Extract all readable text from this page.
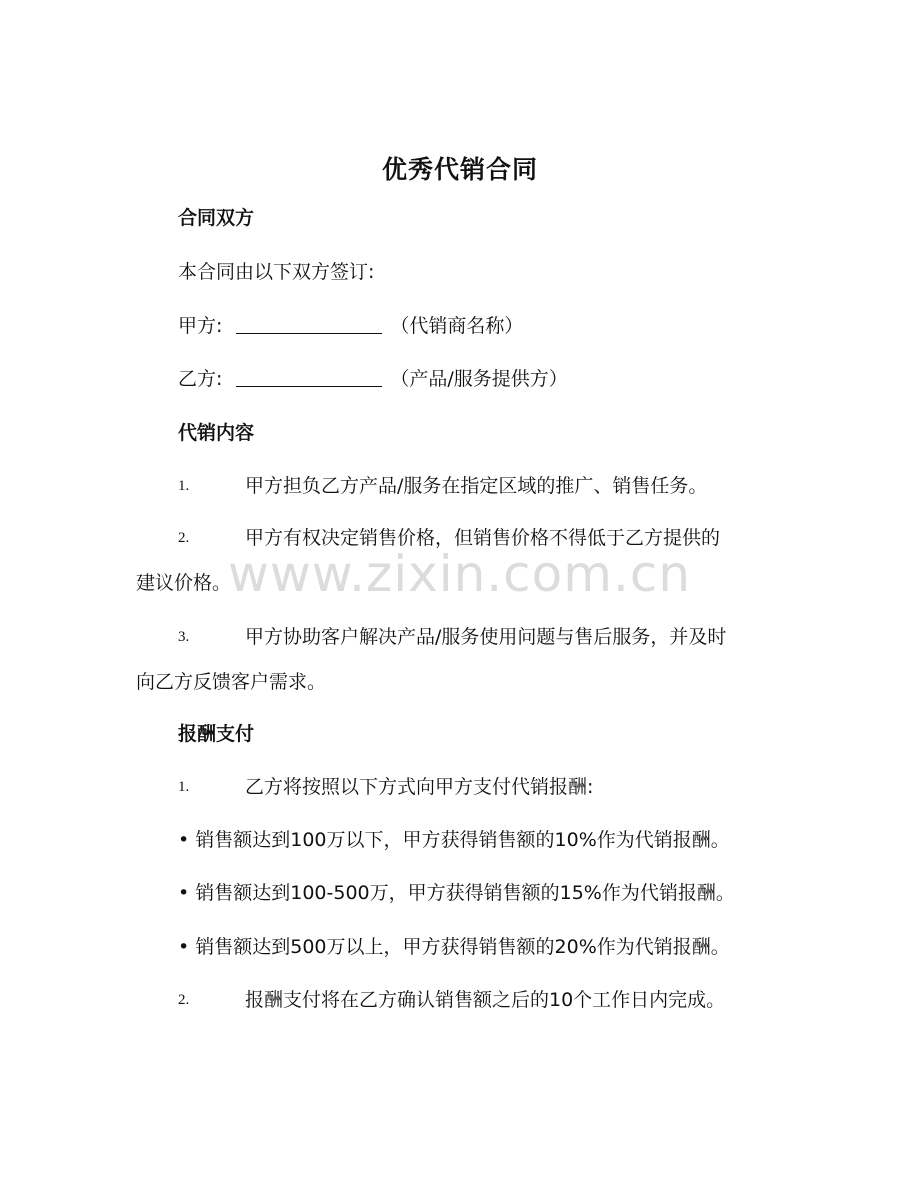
优秀代销合同
合同双方
本合同由以下双方签订:
甲方:	（代销商名称）
乙方:	（产品/服务提供方）
代销内容
1.	甲方担负乙方产品/服务在指定区域的推广、销售任务。
2.	甲方有权决定销售价格，但销售价格不得低于乙方提供的
建议价格。
3.	甲方协助客户解决产品/服务使用问题与售后服务，并及时
向乙方反馈客户需求。
报酬支付
1.	乙方将按照以下方式向甲方支付代销报酬:
• 销售额达到100万以下，甲方获得销售额的10%作为代销报酬。
• 销售额达到100-500万，甲方获得销售额的15%作为代销报酬。
• 销售额达到500万以上，甲方获得销售额的20%作为代销报酬。
2.	报酬支付将在乙方确认销售额之后的10个工作日内完成。
www.zixin.com.cn
